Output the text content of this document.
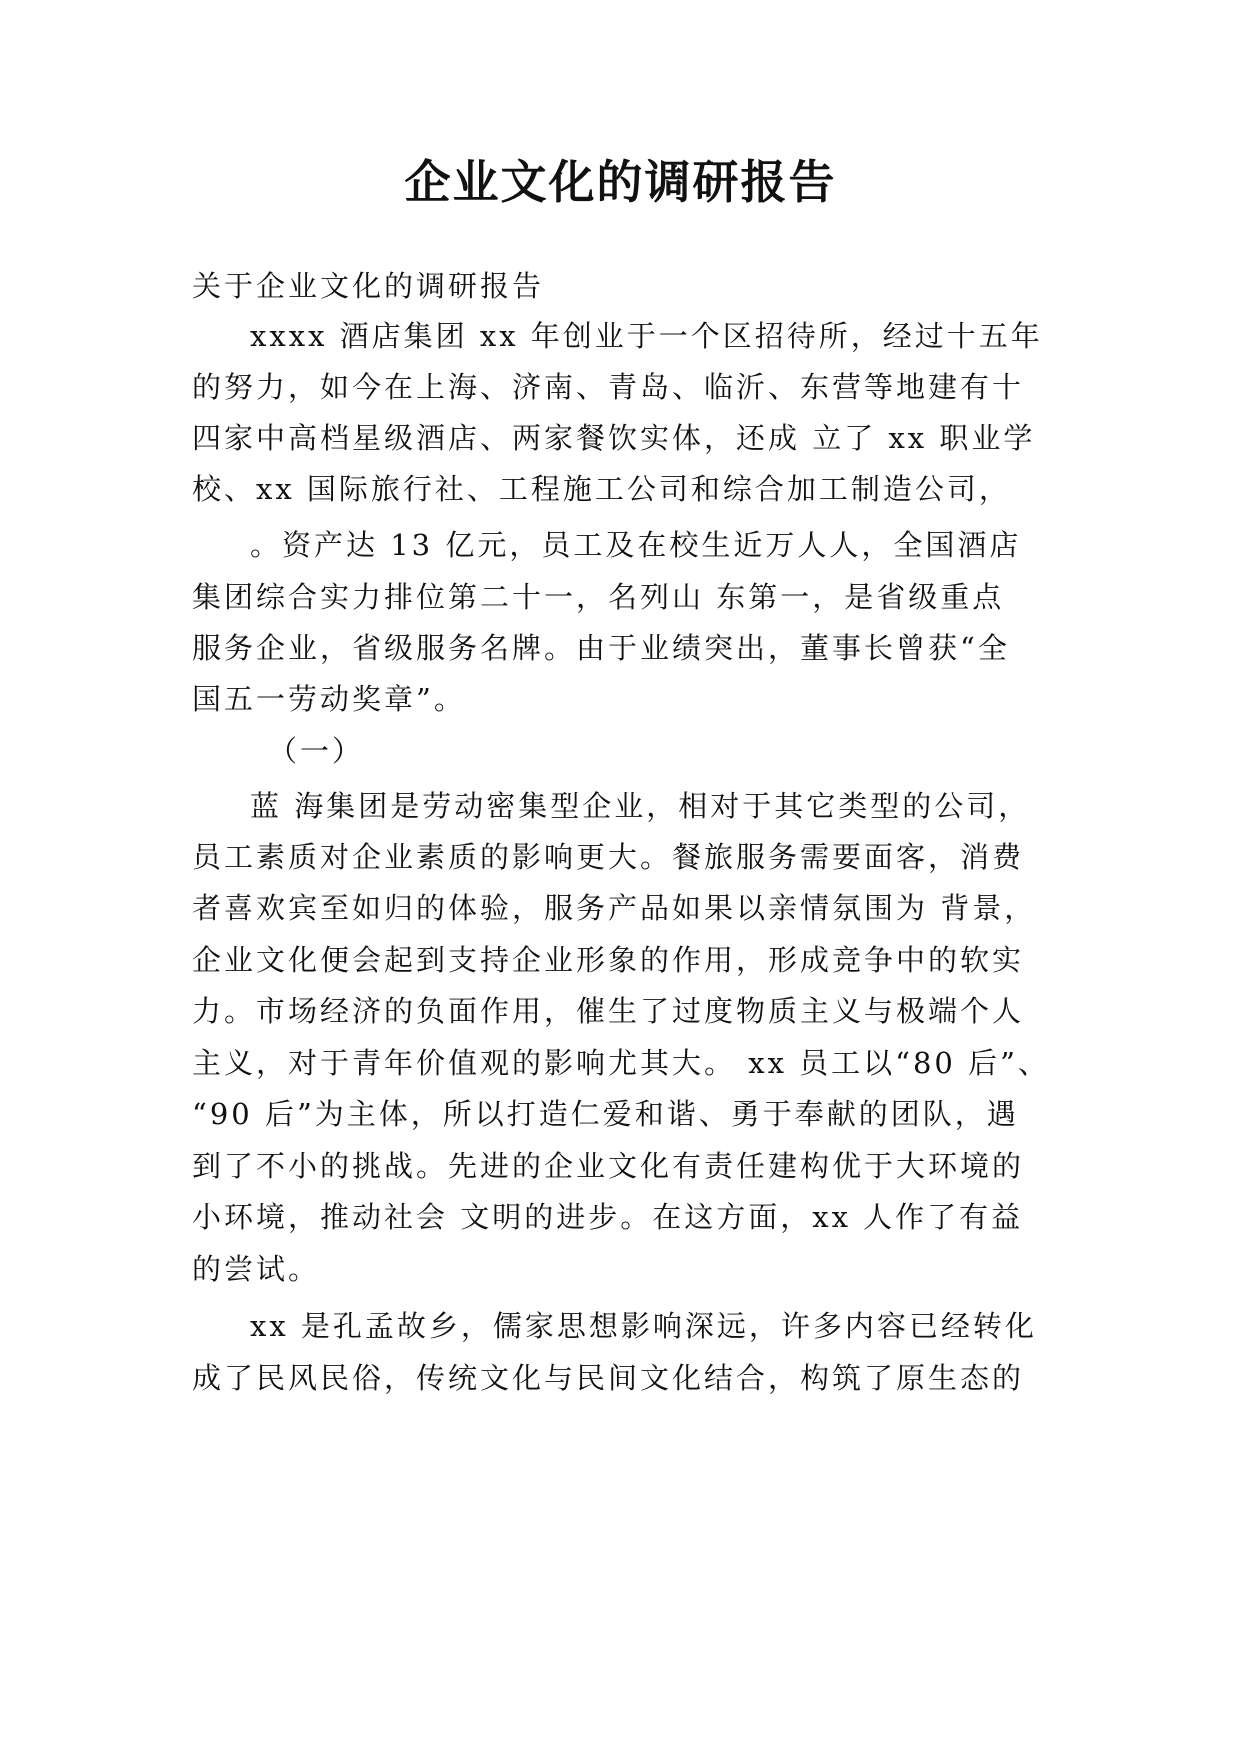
企业文化的调研报告
关于企业文化的调研报告
xxxx 酒店集团 xx 年创业于一个区招待所，经过十五年
的努力，如今在上海、济南、青岛、临沂、东营等地建有十
四家中高档星级酒店、两家餐饮实体，还成 立了 xx 职业学
校、xx 国际旅行社、工程施工公司和综合加工制造公司，
。资产达 13 亿元，员工及在校生近万人人，全国酒店
集团综合实力排位第二十一，名列山 东第一，是省级重点
服务企业，省级服务名牌。由于业绩突出，董事长曾获“全
国五一劳动奖章”。
（一）
蓝 海集团是劳动密集型企业，相对于其它类型的公司，
员工素质对企业素质的影响更大。餐旅服务需要面客，消费
者喜欢宾至如归的体验，服务产品如果以亲情氛围为 背景，
企业文化便会起到支持企业形象的作用，形成竞争中的软实
力。市场经济的负面作用，催生了过度物质主义与极端个人
主义，对于青年价值观的影响尤其大。 xx 员工以“80 后”、
“90 后”为主体，所以打造仁爱和谐、勇于奉献的团队，遇
到了不小的挑战。先进的企业文化有责任建构优于大环境的
小环境，推动社会 文明的进步。在这方面，xx 人作了有益
的尝试。
xx 是孔孟故乡，儒家思想影响深远，许多内容已经转化
成了民风民俗，传统文化与民间文化结合，构筑了原生态的
